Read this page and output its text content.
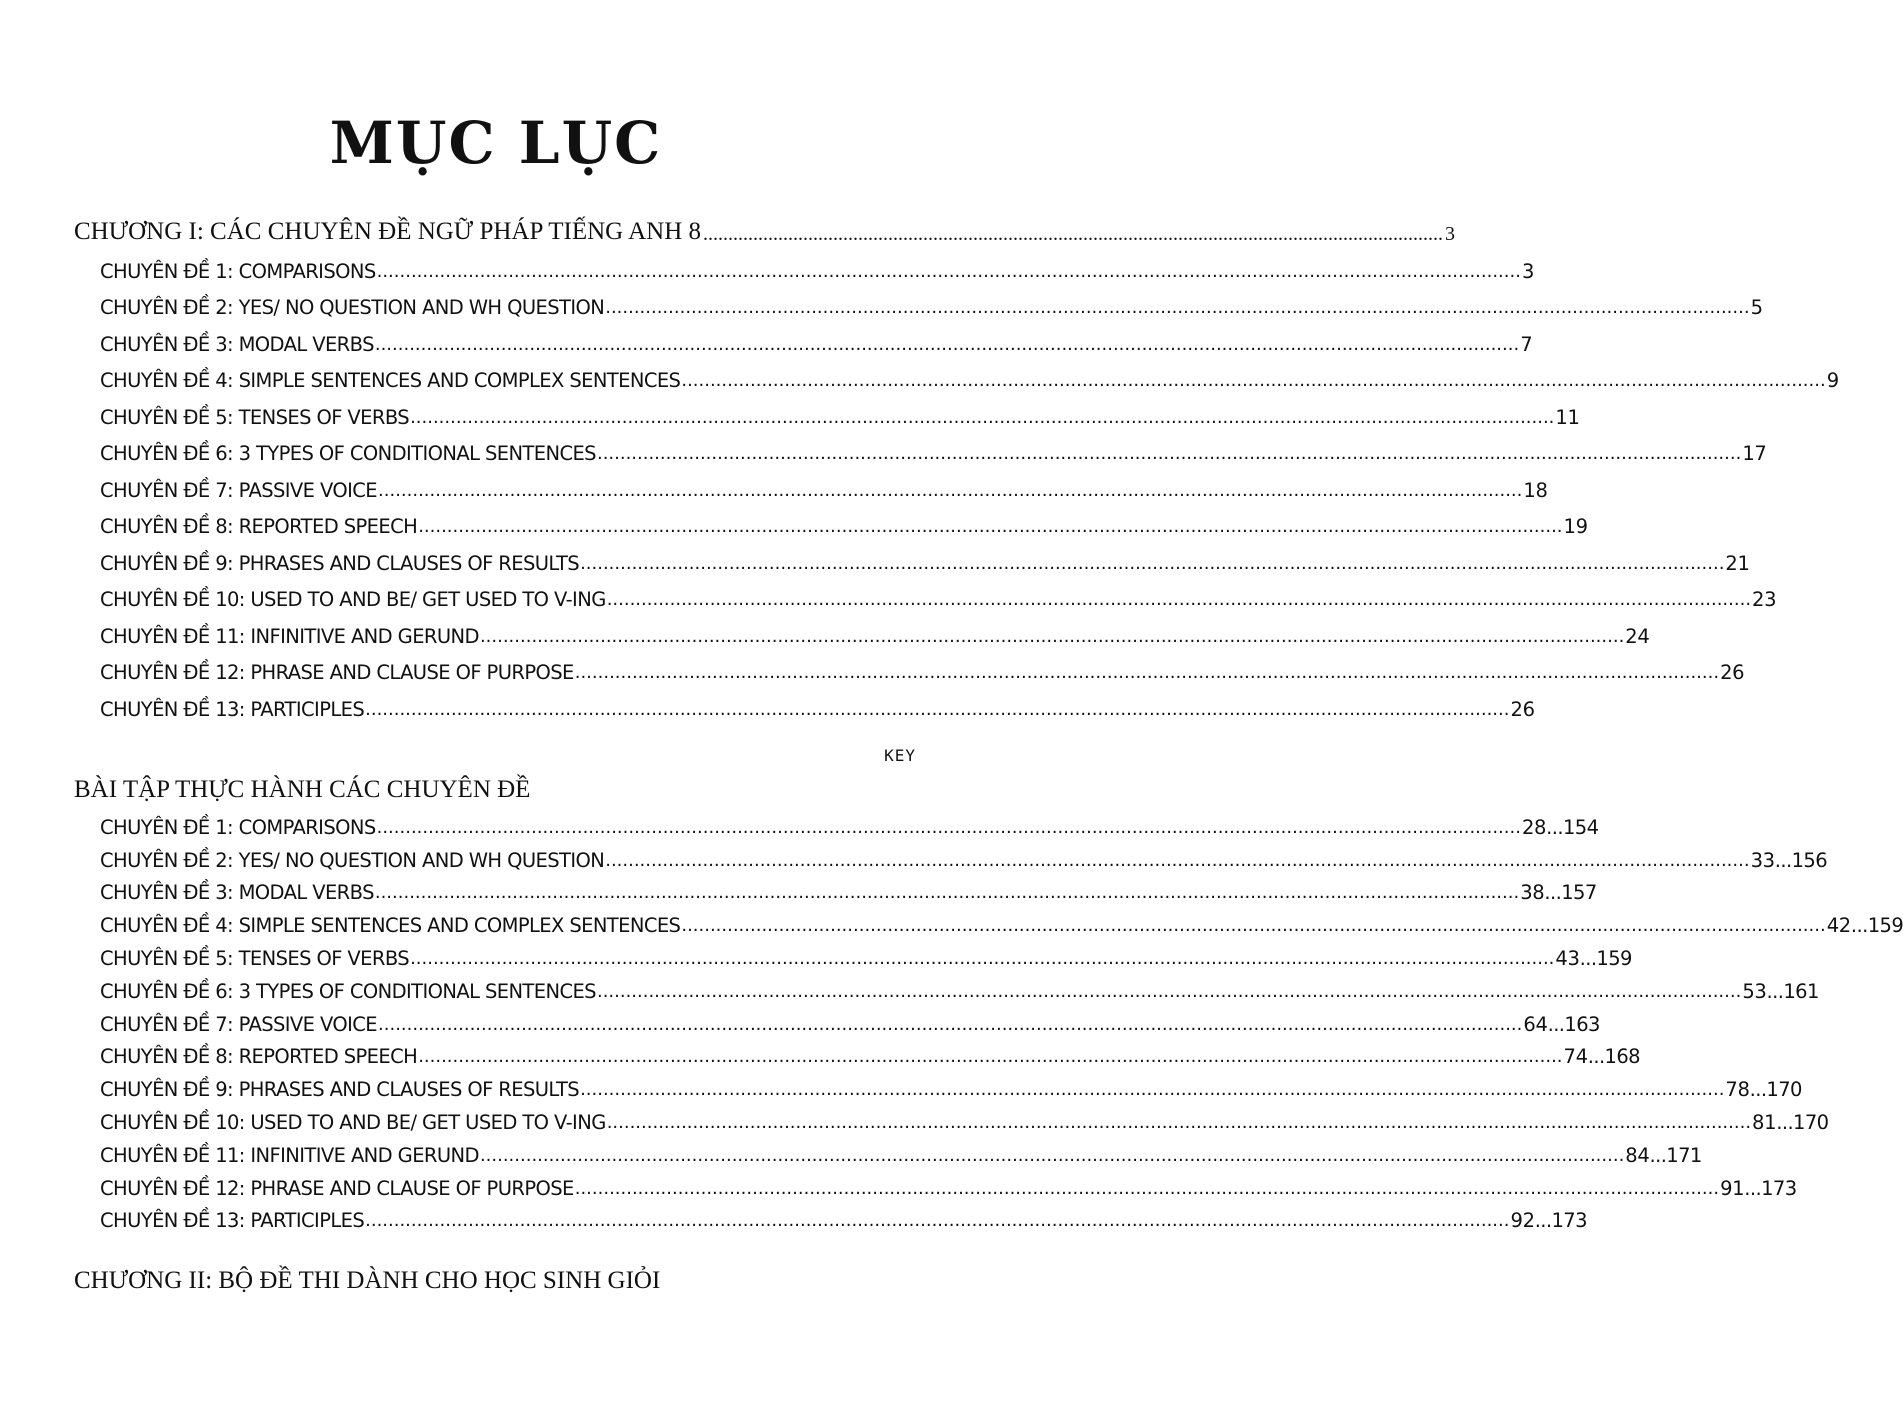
MỤC LỤC
CHƯƠNG I: CÁC CHUYÊN ĐỀ NGỮ PHÁP TIẾNG ANH 8 .................................................................................................................................................... 3
CHUYÊN ĐỀ 1: COMPARISONS ........................................................................................................................................................................................................ 3
CHUYÊN ĐỀ 2: YES/ NO QUESTION AND WH QUESTION ........................................................................................................................................................................................................ 5
CHUYÊN ĐỀ 3: MODAL VERBS ........................................................................................................................................................................................................ 7
CHUYÊN ĐỀ 4: SIMPLE SENTENCES AND COMPLEX SENTENCES ........................................................................................................................................................................................................ 9
CHUYÊN ĐỀ 5: TENSES OF VERBS ........................................................................................................................................................................................................ 11
CHUYÊN ĐỀ 6: 3 TYPES OF CONDITIONAL SENTENCES ........................................................................................................................................................................................................ 17
CHUYÊN ĐỀ 7: PASSIVE VOICE ........................................................................................................................................................................................................ 18
CHUYÊN ĐỀ 8: REPORTED SPEECH ........................................................................................................................................................................................................ 19
CHUYÊN ĐỀ 9: PHRASES AND CLAUSES OF RESULTS ........................................................................................................................................................................................................ 21
CHUYÊN ĐỀ 10: USED TO AND BE/ GET USED TO V-ING ........................................................................................................................................................................................................ 23
CHUYÊN ĐỀ 11: INFINITIVE AND GERUND ........................................................................................................................................................................................................ 24
CHUYÊN ĐỀ 12: PHRASE AND CLAUSE OF PURPOSE ........................................................................................................................................................................................................ 26
CHUYÊN ĐỀ 13: PARTICIPLES ........................................................................................................................................................................................................ 26
KEY
BÀI TẬP THỰC HÀNH CÁC CHUYÊN ĐỀ
CHUYÊN ĐỀ 1: COMPARISONS ........................................................................................................................................................................................................ 28 ...154
CHUYÊN ĐỀ 2: YES/ NO QUESTION AND WH QUESTION ........................................................................................................................................................................................................ 33 ...156
CHUYÊN ĐỀ 3: MODAL VERBS ........................................................................................................................................................................................................ 38 ...157
CHUYÊN ĐỀ 4: SIMPLE SENTENCES AND COMPLEX SENTENCES ........................................................................................................................................................................................................ 42 ...159
CHUYÊN ĐỀ 5: TENSES OF VERBS ........................................................................................................................................................................................................ 43 ...159
CHUYÊN ĐỀ 6: 3 TYPES OF CONDITIONAL SENTENCES ........................................................................................................................................................................................................ 53 ...161
CHUYÊN ĐỀ 7: PASSIVE VOICE ........................................................................................................................................................................................................ 64 ...163
CHUYÊN ĐỀ 8: REPORTED SPEECH ........................................................................................................................................................................................................ 74 ...168
CHUYÊN ĐỀ 9: PHRASES AND CLAUSES OF RESULTS ........................................................................................................................................................................................................ 78 ...170
CHUYÊN ĐỀ 10: USED TO AND BE/ GET USED TO V-ING ........................................................................................................................................................................................................ 81 ...170
CHUYÊN ĐỀ 11: INFINITIVE AND GERUND ........................................................................................................................................................................................................ 84 ...171
CHUYÊN ĐỀ 12: PHRASE AND CLAUSE OF PURPOSE ........................................................................................................................................................................................................ 91 ...173
CHUYÊN ĐỀ 13: PARTICIPLES ........................................................................................................................................................................................................ 92 ...173
CHƯƠNG II: BỘ ĐỀ THI DÀNH CHO HỌC SINH GIỎI
